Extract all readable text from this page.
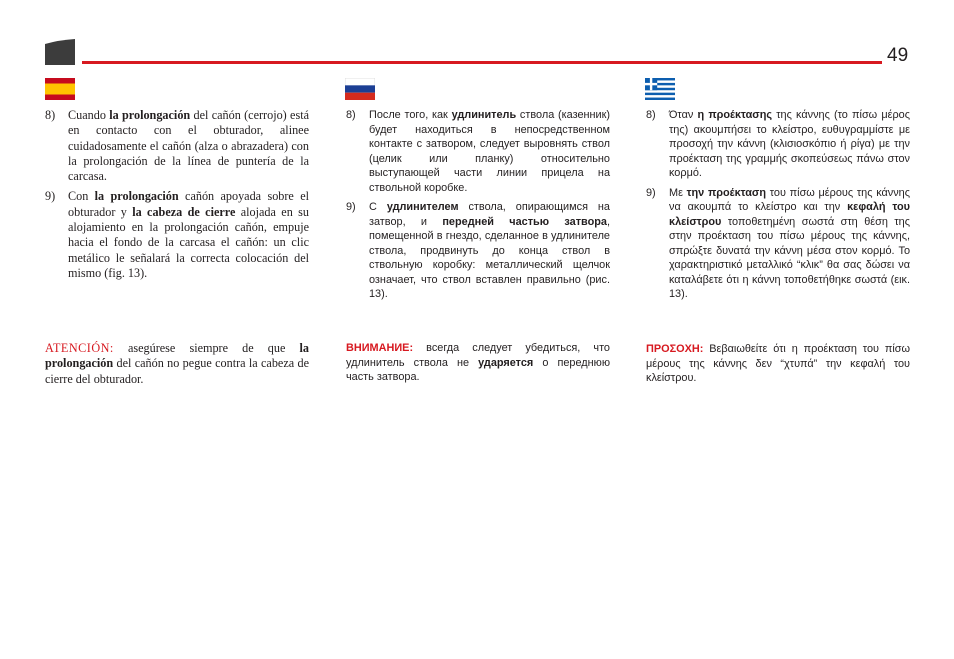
49
8)	Cuando la prolongación del cañón (cerrojo) está en contacto con el obturador, alinee cuidadosamente el cañón (alza o abrazadera) con la prolongación de la línea de puntería de la carcasa.
9)	Con la prolongación cañón apoyada sobre el obturador y la cabeza de cierre alojada en su alojamiento en la prolongación cañón, empuje hacia el fondo de la carcasa el cañón: un clic metálico le señalará la correcta colocación del mismo (fig. 13).
ATENCIÓN: asegúrese siempre de que la prolongación del cañón no pegue contra la cabeza de cierre del obturador.
8)	После того, как удлинитель ствола (казенник) будет находиться в непосредственном контакте с затвором, следует выровнять ствол (целик или планку) относительно выступающей части линии прицела на ствольной коробке.
9)	С удлинителем ствола, опирающимся на затвор, и передней частью затвора, помещенной в гнездо, сделанное в удлинителе ствола, продвинуть до конца ствол в ствольную коробку: металлический щелчок означает, что ствол вставлен правильно (рис. 13).
ВНИМАНИЕ: всегда следует убедиться, что удлинитель ствола не ударяется о переднюю часть затвора.
8)	Όταν η προέκτασης της κάννης (το πίσω μέρος της) ακουμπήσει το κλείστρο, ευθυγραμμίστε με προσοχή την κάννη (κλισιοσκόπιο ή ρίγα) με την προέκταση της γραμμής σκοπεύσεως πάνω στον κορμό.
9)	Με την προέκταση του πίσω μέρους της κάννης να ακουμπά το κλείστρο και την κεφαλή του κλείστρου τοποθετημένη σωστά στη θέση της στην προέκταση του πίσω μέρους της κάννης, σπρώξτε δυνατά την κάννη μέσα στον κορμό. Το χαρακτηριστικό μεταλλικό “κλικ” θα σας δώσει να καταλάβετε ότι η κάννη τοποθετήθηκε σωστά (εικ. 13).
ΠΡΟΣΟΧΗ: Βεβαιωθείτε ότι η προέκταση του πίσω μέρους της κάννης δεν “χτυπά” την κεφαλή του κλείστρου.
